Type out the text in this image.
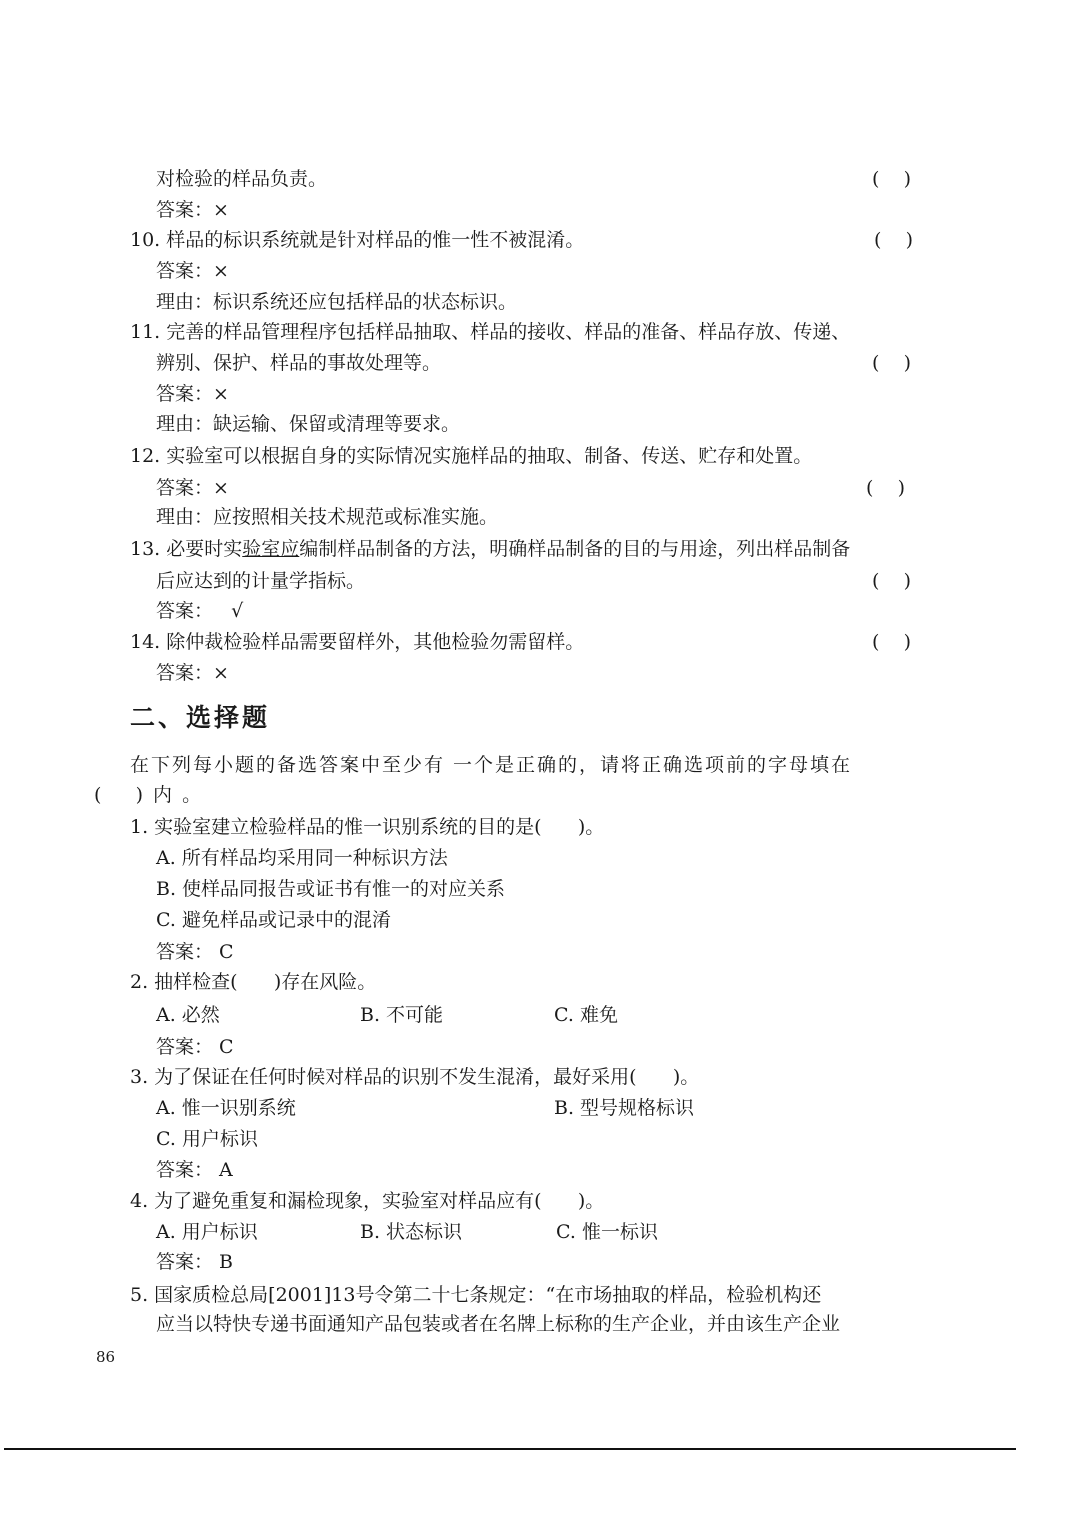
对检验的样品负责。	(    )
答案：×
10. 样品的标识系统就是针对样品的惟一性不被混淆。	(    )
答案：×
理由：标识系统还应包括样品的状态标识。
11. 完善的样品管理程序包括样品抽取、样品的接收、样品的准备、样品存放、传递、
辨别、保护、样品的事故处理等。	(    )
答案：×
理由：缺运输、保留或清理等要求。
12. 实验室可以根据自身的实际情况实施样品的抽取、制备、传送、贮存和处置。
答案：×	(    )
理由：应按照相关技术规范或标准实施。
13. 必要时实验室应编制样品制备的方法，明确样品制备的目的与用途，列出样品制备
后应达到的计量学指标。	(    )
答案：   √
14. 除仲裁检验样品需要留样外，其他检验勿需留样。	(    )
答案：×
二、选择题
在下列每小题的备选答案中至少有 一个是正确的，请将正确选项前的字母填在
(    ) 内 。
1. 实验室建立检验样品的惟一识别系统的目的是(      )。
A. 所有样品均采用同一种标识方法
B. 使样品同报告或证书有惟一的对应关系
C. 避免样品或记录中的混淆
答案： C
2. 抽样检查(      )存在风险。
A. 必然	B. 不可能	C. 难免
答案： C
3. 为了保证在任何时候对样品的识别不发生混淆，最好采用(      )。
A. 惟一识别系统	B. 型号规格标识
C. 用户标识
答案： A
4. 为了避免重复和漏检现象，实验室对样品应有(      )。
A. 用户标识	B. 状态标识	C. 惟一标识
答案： B
5. 国家质检总局[2001]13号令第二十七条规定：“在市场抽取的样品，检验机构还
应当以特快专递书面通知产品包装或者在名牌上标称的生产企业，并由该生产企业
86
